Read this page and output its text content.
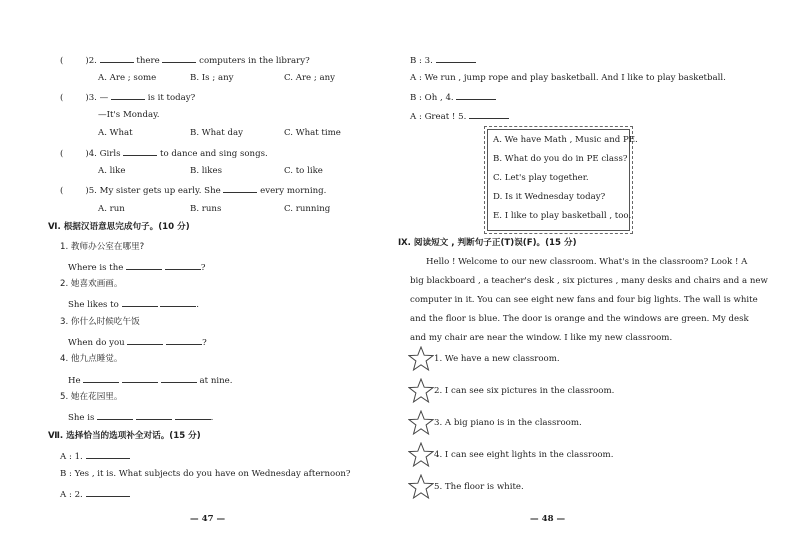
(	)2.	there	computers in the library?
A. Are ; some	B. Is ; any	C. Are ; any
(	)3. —	is it today?
—It's Monday.
A. What	B. What day	C. What time
(	)4. Girls	to dance and sing songs.
A. like	B. likes	C. to like
(	)5. My sister gets up early. She	every morning.
A. run	B. runs	C. running
Ⅵ. 根据汉语意思完成句子。(10 分)
1. 教师办公室在哪里?
Where is the	?
2. 她喜欢画画。
She likes to	.
3. 你什么时候吃午饭
When do you	?
4. 他九点睡觉。
He	at nine.
5. 她在花园里。
She is	.
Ⅶ. 选择恰当的选项补全对话。(15 分)
A : 1.
B : Yes , it is. What subjects do you have on Wednesday afternoon?
A : 2.
— 47 —
B : 3.
A : We run , jump rope and play basketball. And I like to play basketball.
B : Oh , 4.
A : Great ! 5.
A. We have Math , Music and PE.
B. What do you do in PE class?
C. Let's play together.
D. Is it Wednesday today?
E. I like to play basketball , too.
Ⅸ. 阅读短文 , 判断句子正(T)误(F)。(15 分)
Hello ! Welcome to our new classroom. What's in the classroom? Look ! A
big blackboard , a teacher's desk , six pictures , many desks and chairs and a new
computer in it. You can see eight new fans and four big lights. The wall is white
and the floor is blue. The door is orange and the windows are green. My desk
and my chair are near the window. I like my new classroom.
1. We have a new classroom.
2. I can see six pictures in the classroom.
3. A big piano is in the classroom.
4. I can see eight lights in the classroom.
5. The floor is white.
— 48 —
